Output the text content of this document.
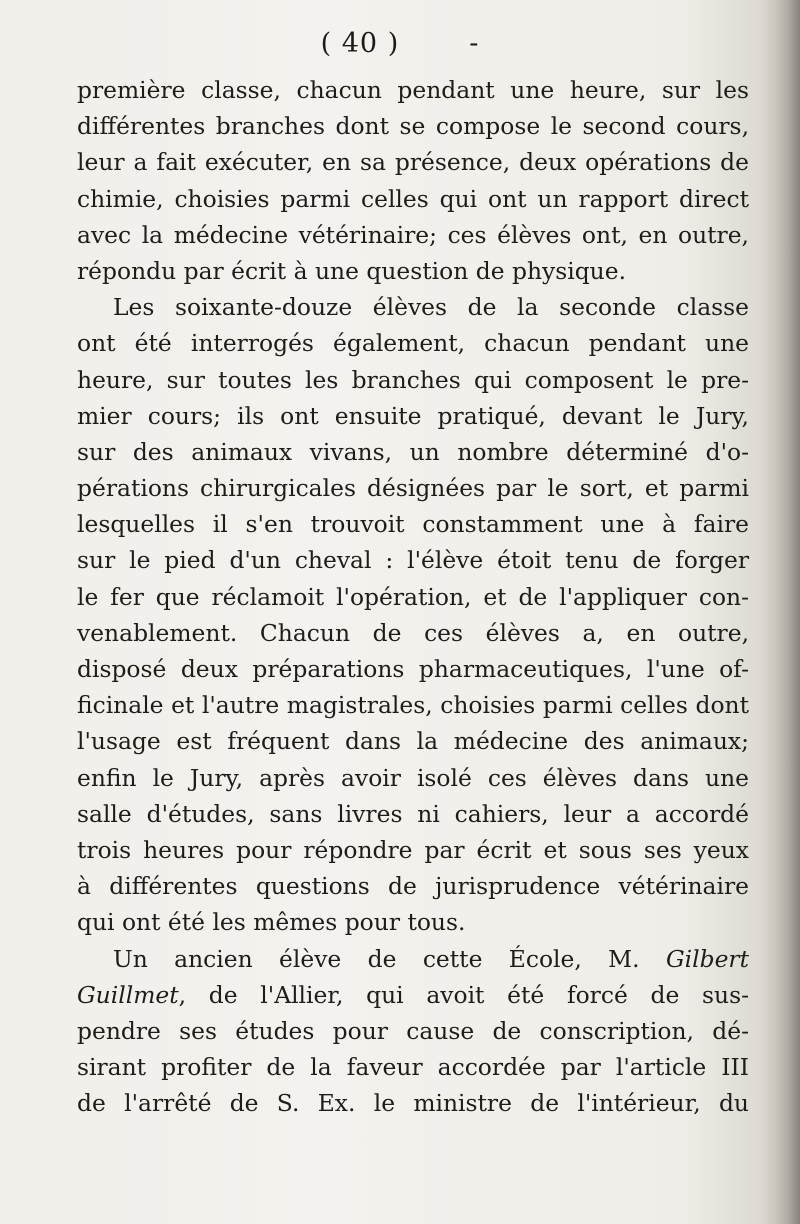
( 40 )	-
première classe, chacun pendant une heure, sur les
différentes branches dont se compose le second cours,
leur a fait exécuter, en sa présence, deux opérations de
chimie, choisies parmi celles qui ont un rapport direct
avec la médecine vétérinaire; ces élèves ont, en outre,
répondu par écrit à une question de physique.
Les soixante-douze élèves de la seconde classe
ont été interrogés également, chacun pendant une
heure, sur toutes les branches qui composent le pre-
mier cours; ils ont ensuite pratiqué, devant le Jury,
sur des animaux vivans, un nombre déterminé d'o-
pérations chirurgicales désignées par le sort, et parmi
lesquelles il s'en trouvoit constamment une à faire
sur le pied d'un cheval : l'élève étoit tenu de forger
le fer que réclamoit l'opération, et de l'appliquer con-
venablement. Chacun de ces élèves a, en outre,
disposé deux préparations pharmaceutiques, l'une of-
ficinale et l'autre magistrales, choisies parmi celles dont
l'usage est fréquent dans la médecine des animaux;
enfin le Jury, après avoir isolé ces élèves dans une
salle d'études, sans livres ni cahiers, leur a accordé
trois heures pour répondre par écrit et sous ses yeux
à différentes questions de jurisprudence vétérinaire
qui ont été les mêmes pour tous.
Un ancien élève de cette École, M. Gilbert
Guillmet, de l'Allier, qui avoit été forcé de sus-
pendre ses études pour cause de conscription, dé-
sirant profiter de la faveur accordée par l'article III
de l'arrêté de S. Ex. le ministre de l'intérieur, du
